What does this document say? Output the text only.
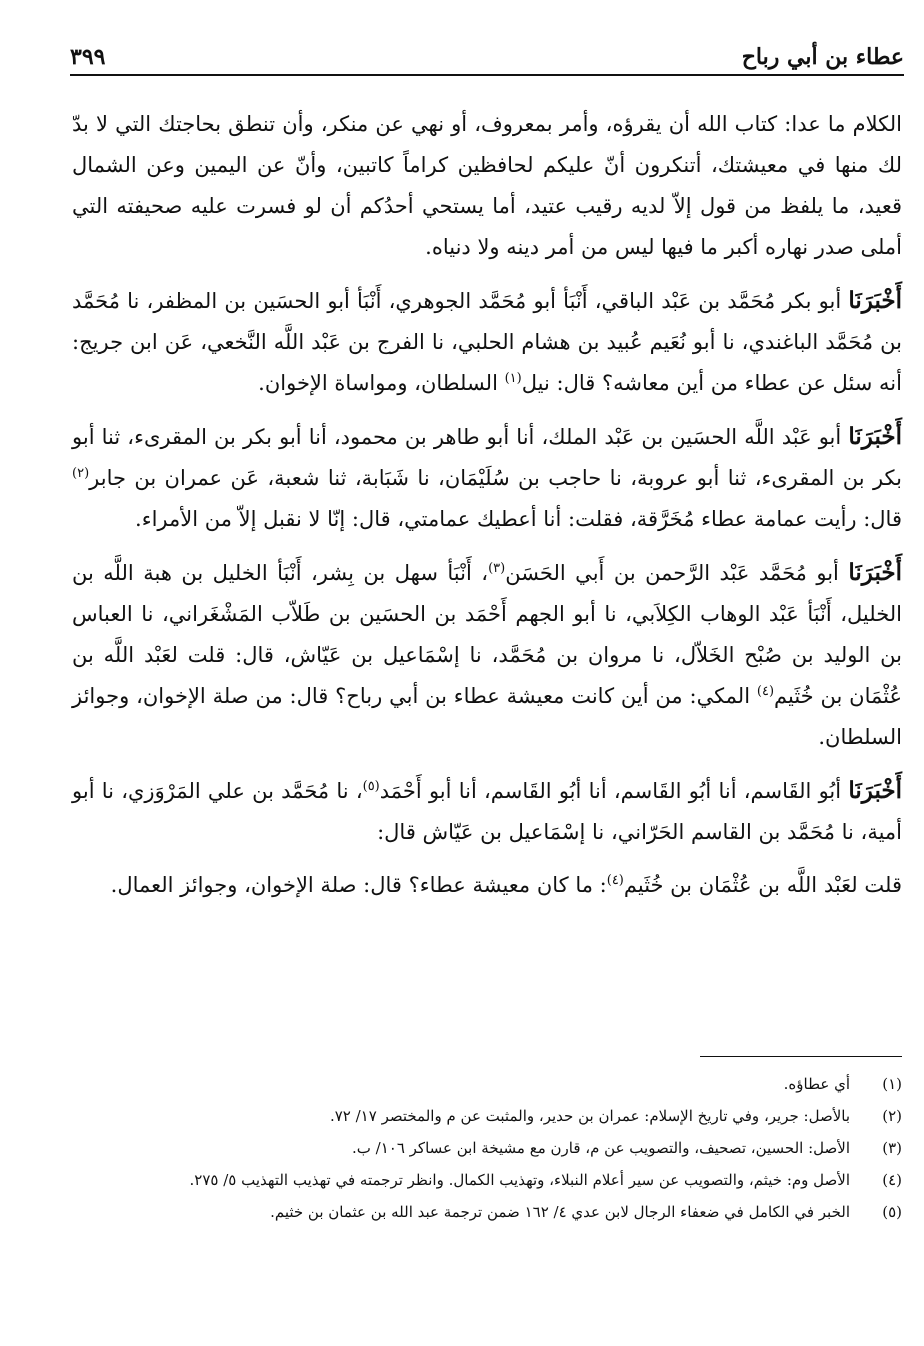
عطاء بن أبي رباح
٣٩٩

الكلام ما عدا: كتاب الله أن يقرؤه، وأمر بمعروف، أو نهي عن منكر، وأن تنطق بحاجتك التي لا بدّ لك منها في معيشتك، أتنكرون أنّ عليكم لحافظين كراماً كاتبين، وأنّ عن اليمين وعن الشمال قعيد، ما يلفظ من قول إلاّ لديه رقيب عتيد، أما يستحي أحدُكم أن لو فسرت عليه صحيفته التي أملى صدر نهاره أكبر ما فيها ليس من أمر دينه ولا دنياه.

أَخْبَرَنَا أبو بكر مُحَمَّد بن عَبْد الباقي، أَنْبَأ أبو مُحَمَّد الجوهري، أَنْبَأ أبو الحسَين بن المظفر، نا مُحَمَّد بن مُحَمَّد الباغندي، نا أبو نُعَيم عُبيد بن هشام الحلبي، نا الفرج بن عَبْد اللَّه النَّخعي، عَن ابن جريج: أنه سئل عن عطاء من أين معاشه؟ قال: نيل$^{(١)}$ السلطان، ومواساة الإخوان.

أَخْبَرَنَا أبو عَبْد اللَّه الحسَين بن عَبْد الملك، أنا أبو طاهر بن محمود، أنا أبو بكر بن المقرىء، ثنا أبو بكر بن المقرىء، ثنا أبو عروبة، نا حاجب بن سُلَيْمَان، نا شَبَابة، ثنا شعبة، عَن عمران بن جابر$^{(٢)}$ قال: رأيت عمامة عطاء مُخَرَّقة، فقلت: أنا أعطيك عمامتي، قال: إنّا لا نقبل إلاّ من الأمراء.

أَخْبَرَنَا أبو مُحَمَّد عَبْد الرَّحمن بن أَبي الحَسَن$^{(٣)}$، أَنْبَأ سهل بن بِشر، أَنْبَأ الخليل بن هبة اللَّه بن الخليل، أَنْبَأ عَبْد الوهاب الكِلاَبي، نا أبو الجهم أَحْمَد بن الحسَين بن طَلاّب المَشْغَراني، نا العباس بن الوليد بن صُبْح الخَلاّل، نا مروان بن مُحَمَّد، نا إسْمَاعيل بن عَيّاش، قال: قلت لعَبْد اللَّه بن عُثْمَان بن خُثَيم$^{(٤)}$ المكي: من أين كانت معيشة عطاء بن أبي رباح؟ قال: من صلة الإخوان، وجوائز السلطان.

أَخْبَرَنَا أبُو القَاسم، أنا أبُو القَاسم، أنا أبُو القَاسم، أنا أبو أَحْمَد$^{(٥)}$، نا مُحَمَّد بن علي المَرْوَزي، نا أبو أمية، نا مُحَمَّد بن القاسم الحَرّاني، نا إسْمَاعيل بن عَيّاش قال:

قلت لعَبْد اللَّه بن عُثْمَان بن خُثَيم$^{(٤)}$: ما كان معيشة عطاء؟ قال: صلة الإخوان، وجوائز العمال.

(١)
أي عطاؤه.
(٢)
بالأصل: جرير، وفي تاريخ الإسلام: عمران بن حدير، والمثبت عن م والمختصر ١٧/ ٧٢.
(٣)
الأصل: الحسين، تصحيف، والتصويب عن م، قارن مع مشيخة ابن عساكر ١٠٦/ ب.
(٤)
الأصل وم: خيثم، والتصويب عن سير أعلام النبلاء، وتهذيب الكمال. وانظر ترجمته في تهذيب التهذيب ٥/ ٢٧٥.
(٥)
الخبر في الكامل في ضعفاء الرجال لابن عدي ٤/ ١٦٢ ضمن ترجمة عبد الله بن عثمان بن خثيم.
